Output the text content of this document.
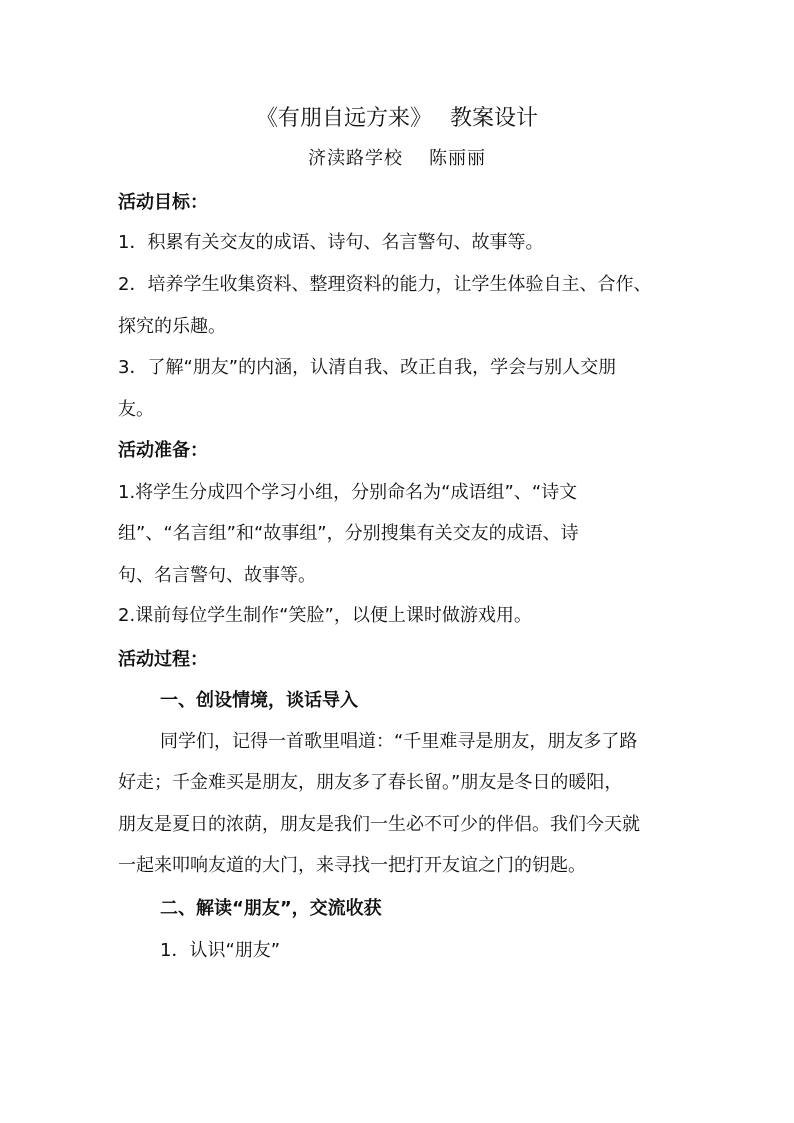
《有朋自远方来》 教案设计
济渎路学校 陈丽丽
活动目标：
1．积累有关交友的成语、诗句、名言警句、故事等。
2．培养学生收集资料、整理资料的能力，让学生体验自主、合作、
探究的乐趣。
3．了解“朋友”的内涵，认清自我、改正自我，学会与别人交朋
友。
活动准备：
1.将学生分成四个学习小组，分别命名为“成语组”、“诗文
组”、“名言组”和“故事组”，分别搜集有关交友的成语、诗
句、名言警句、故事等。
2.课前每位学生制作“笑脸”，以便上课时做游戏用。
活动过程：
一、创设情境，谈话导入
同学们，记得一首歌里唱道：“千里难寻是朋友，朋友多了路
好走；千金难买是朋友，朋友多了春长留。”朋友是冬日的暖阳，
朋友是夏日的浓荫，朋友是我们一生必不可少的伴侣。我们今天就
一起来叩响友道的大门，来寻找一把打开友谊之门的钥匙。
二、解读“朋友”，交流收获
1．认识“朋友”
